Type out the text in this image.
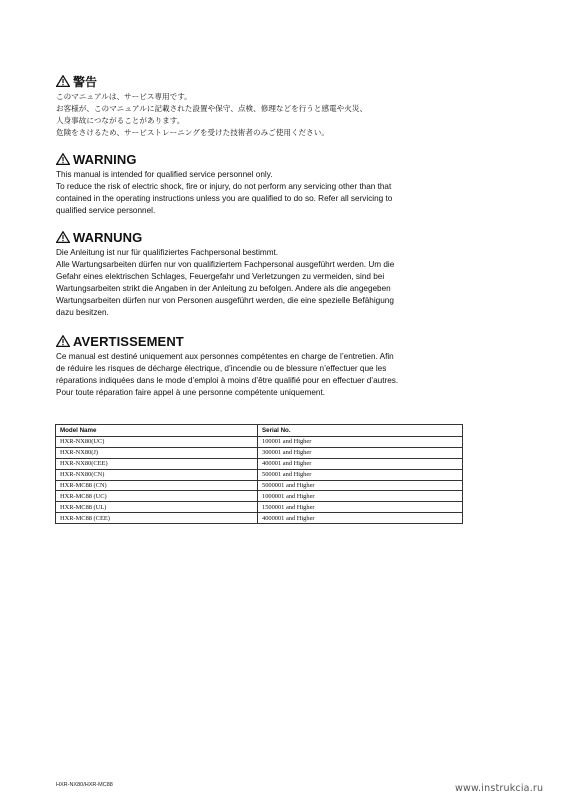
警告
このマニュアルは、サービス専用です。
お客様が、このマニュアルに記載された設置や保守、点検、修理などを行うと感電や火災、
人身事故につながることがあります。
危険をさけるため、サービストレーニングを受けた技術者のみご使用ください。
WARNING
This manual is intended for qualified service personnel only.
To reduce the risk of electric shock, fire or injury, do not perform any servicing other than that
contained in the operating instructions unless you are qualified to do so. Refer all servicing to
qualified service personnel.
WARNUNG
Die Anleitung ist nur für qualifiziertes Fachpersonal bestimmt.
Alle Wartungsarbeiten dürfen nur von qualifiziertem Fachpersonal ausgeführt werden. Um die
Gefahr eines elektrischen Schlages, Feuergefahr und Verletzungen zu vermeiden, sind bei
Wartungsarbeiten strikt die Angaben in der Anleitung zu befolgen. Andere als die angegeben
Wartungsarbeiten dürfen nur von Personen ausgeführt werden, die eine spezielle Befähigung
dazu besitzen.
AVERTISSEMENT
Ce manual est destiné uniquement aux personnes compétentes en charge de l’entretien. Afin
de réduire les risques de décharge électrique, d’incendie ou de blessure n’effectuer que les
réparations indiquées dans le mode d’emploi à moins d’être qualifié pour en effectuer d’autres.
Pour toute réparation faire appel à une personne compétente uniquement.
Model Name	Serial No.
HXR-NX80(UC)	100001 and Higher
HXR-NX80(J)	300001 and Higher
HXR-NX80(CEE)	400001 and Higher
HXR-NX80(CN)	500001 and Higher
HXR-MC88 (CN)	5000001 and Higher
HXR-MC88 (UC)	1000001 and Higher
HXR-MC88 (UL)	1500001 and Higher
HXR-MC88 (CEE)	4000001 and Higher
HXR-NX80/HXR-MC88	www.instrukcia.ru
